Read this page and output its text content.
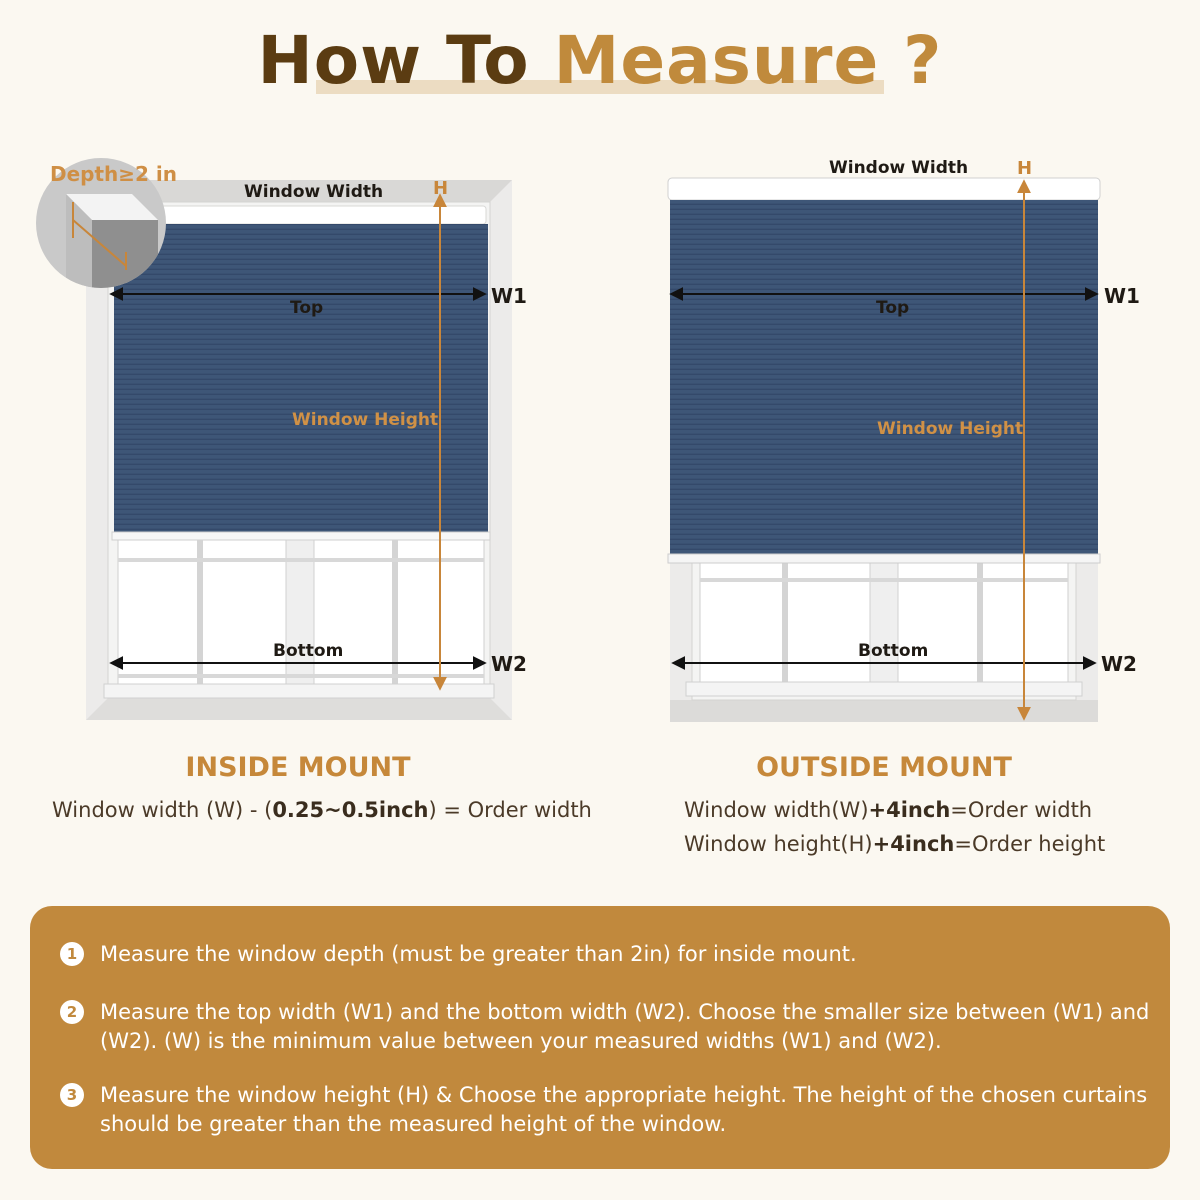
How To Measure ?
Depth≥2 in
Window Width	H
Top	W1
Window Height
Bottom
W2
Window Width	H
Top	W1
Window Height
Bottom
W2
INSIDE MOUNT
Window width (W) - (0.25~0.5inch) = Order width
OUTSIDE MOUNT
Window width(W)+4inch=Order width
Window height(H)+4inch=Order height
1	Measure the window depth (must be greater than 2in) for inside mount.
2	Measure the top width (W1) and the bottom width (W2). Choose the smaller size between (W1) and (W2). (W) is the minimum value between your measured widths (W1) and (W2).
3	Measure the window height (H) & Choose the appropriate height. The height of the chosen curtains should be greater than the measured height of the window.
